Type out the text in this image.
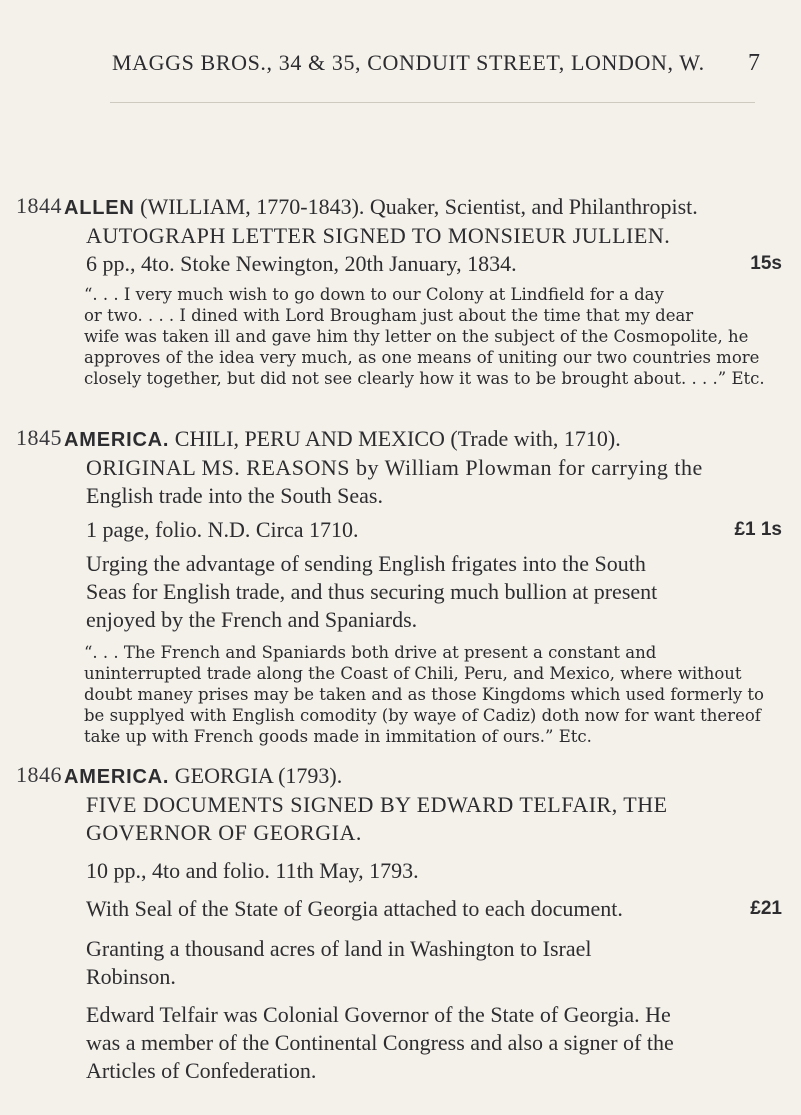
MAGGS BROS., 34 & 35, CONDUIT STREET, LONDON, W.	7
1844 ALLEN (WILLIAM, 1770-1843). Quaker, Scientist, and Philanthropist.
AUTOGRAPH LETTER SIGNED TO MONSIEUR JULLIEN.
6 pp., 4to. Stoke Newington, 20th January, 1834.	15s
“. . . I very much wish to go down to our Colony at Lindfield for a day
or two. . . . I dined with Lord Brougham just about the time that my dear
wife was taken ill and gave him thy letter on the subject of the Cosmopolite, he
approves of the idea very much, as one means of uniting our two countries more
closely together, but did not see clearly how it was to be brought about. . . .” Etc.
1845 AMERICA. CHILI, PERU AND MEXICO (Trade with, 1710).
ORIGINAL MS. REASONS by William Plowman for carrying the
English trade into the South Seas.
1 page, folio. N.D. Circa 1710.	£1 1s
Urging the advantage of sending English frigates into the South
Seas for English trade, and thus securing much bullion at present
enjoyed by the French and Spaniards.
“. . . The French and Spaniards both drive at present a constant and
uninterrupted trade along the Coast of Chili, Peru, and Mexico, where without
doubt maney prises may be taken and as those Kingdoms which used formerly to
be supplyed with English comodity (by waye of Cadiz) doth now for want thereof
take up with French goods made in immitation of ours.” Etc.
1846 AMERICA. GEORGIA (1793).
FIVE DOCUMENTS SIGNED BY EDWARD TELFAIR, THE
GOVERNOR OF GEORGIA.
10 pp., 4to and folio. 11th May, 1793.
With Seal of the State of Georgia attached to each document.	£21
Granting a thousand acres of land in Washington to Israel
Robinson.
Edward Telfair was Colonial Governor of the State of Georgia. He
was a member of the Continental Congress and also a signer of the
Articles of Confederation.
